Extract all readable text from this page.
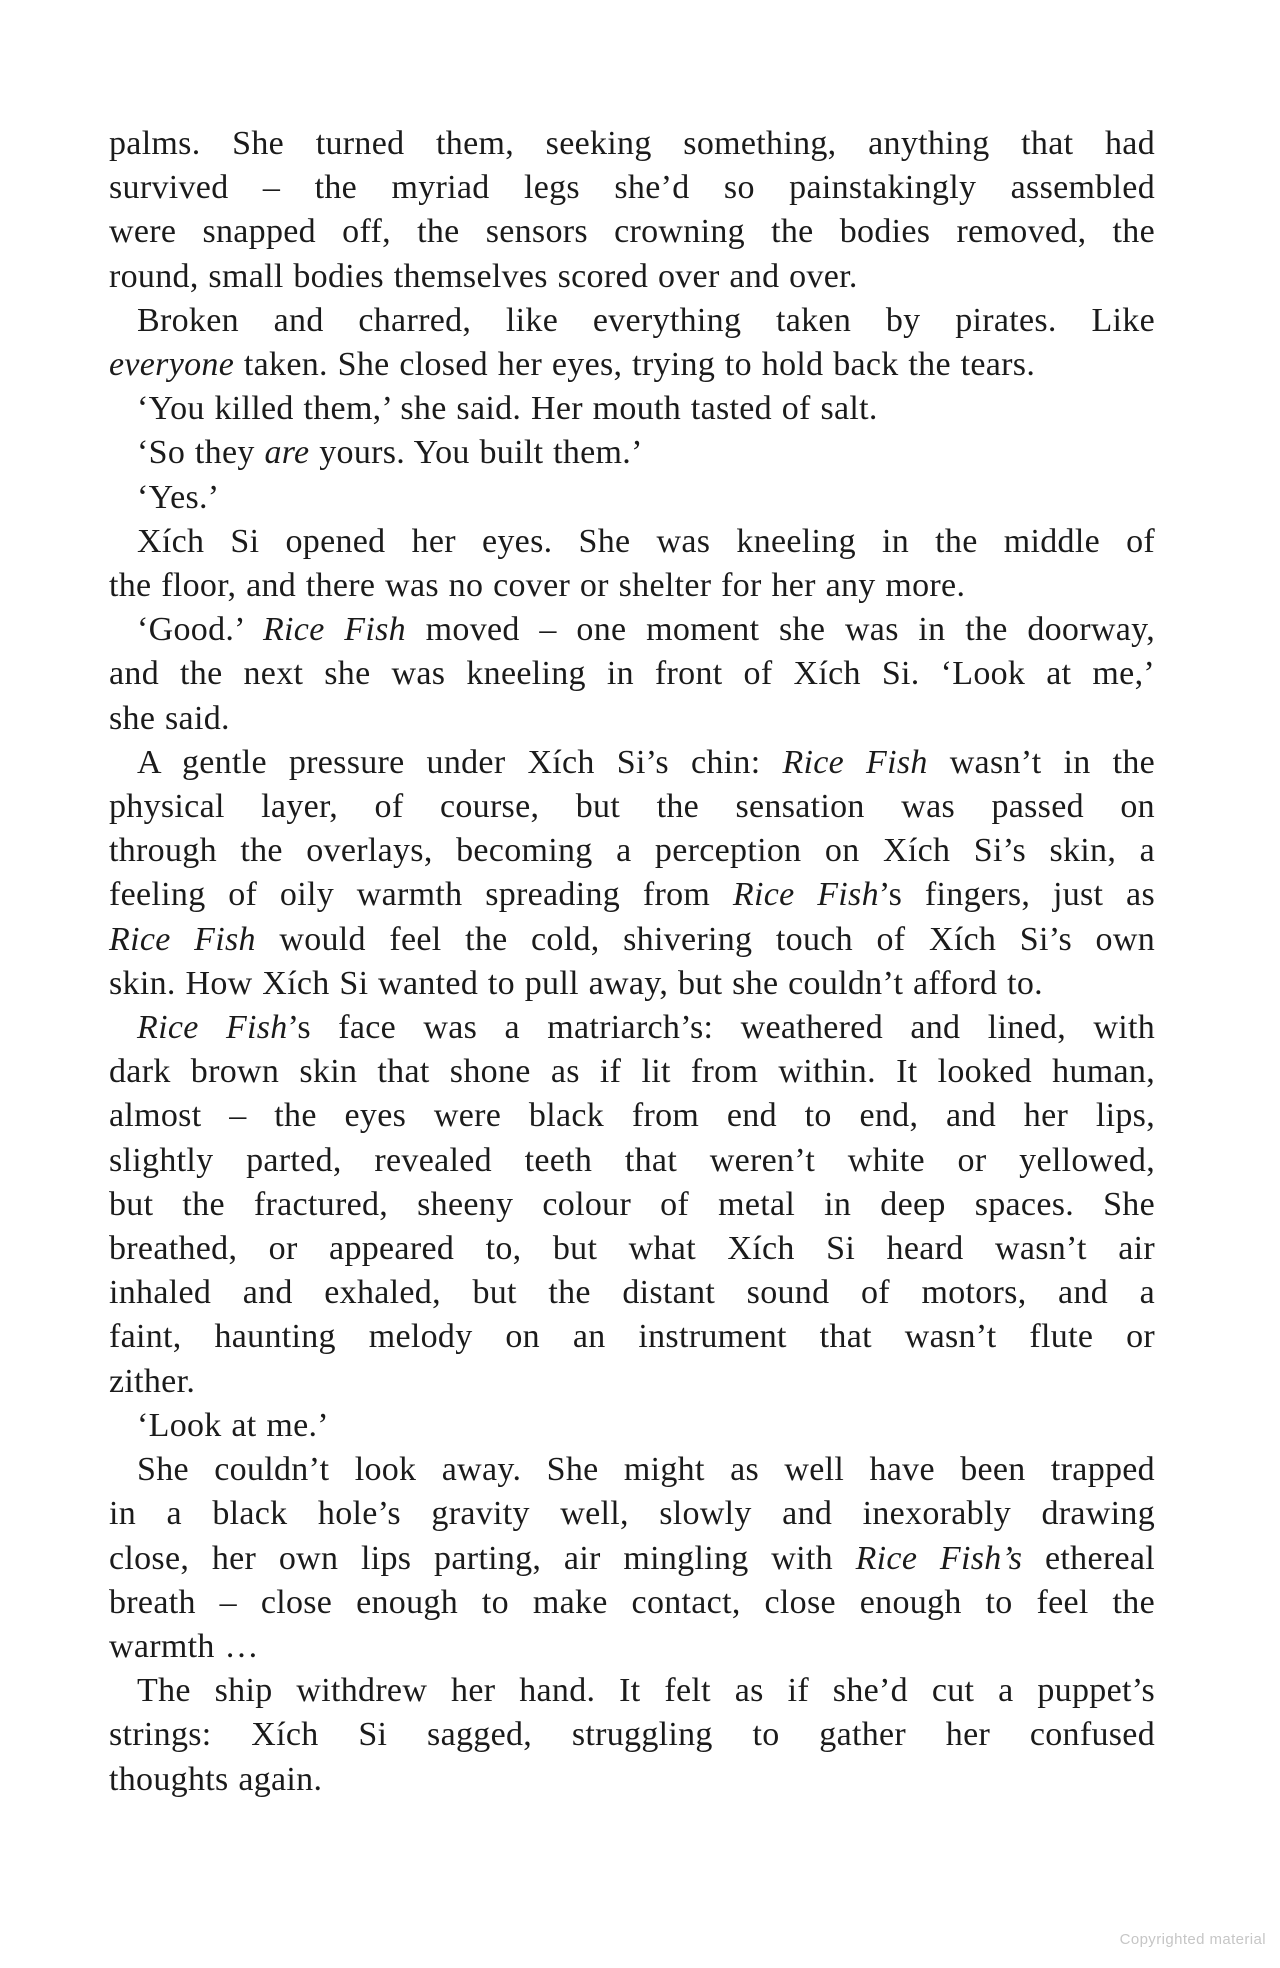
palms. She turned them, seeking something, anything that had
survived – the myriad legs she’d so painstakingly assembled
were snapped off, the sensors crowning the bodies removed, the
round, small bodies themselves scored over and over.
Broken and charred, like everything taken by pirates. Like
everyone taken. She closed her eyes, trying to hold back the tears.
‘You killed them,’ she said. Her mouth tasted of salt.
‘So they are yours. You built them.’
‘Yes.’
Xích Si opened her eyes. She was kneeling in the middle of
the floor, and there was no cover or shelter for her any more.
‘Good.’ Rice Fish moved – one moment she was in the doorway,
and the next she was kneeling in front of Xích Si. ‘Look at me,’
she said.
A gentle pressure under Xích Si’s chin: Rice Fish wasn’t in the
physical layer, of course, but the sensation was passed on
through the overlays, becoming a perception on Xích Si’s skin, a
feeling of oily warmth spreading from Rice Fish’s fingers, just as
Rice Fish would feel the cold, shivering touch of Xích Si’s own
skin. How Xích Si wanted to pull away, but she couldn’t afford to.
Rice Fish’s face was a matriarch’s: weathered and lined, with
dark brown skin that shone as if lit from within. It looked human,
almost – the eyes were black from end to end, and her lips,
slightly parted, revealed teeth that weren’t white or yellowed,
but the fractured, sheeny colour of metal in deep spaces. She
breathed, or appeared to, but what Xích Si heard wasn’t air
inhaled and exhaled, but the distant sound of motors, and a
faint, haunting melody on an instrument that wasn’t flute or
zither.
‘Look at me.’
She couldn’t look away. She might as well have been trapped
in a black hole’s gravity well, slowly and inexorably drawing
close, her own lips parting, air mingling with Rice Fish’s ethereal
breath – close enough to make contact, close enough to feel the
warmth …
The ship withdrew her hand. It felt as if she’d cut a puppet’s
strings: Xích Si sagged, struggling to gather her confused
thoughts again.
Copyrighted material
